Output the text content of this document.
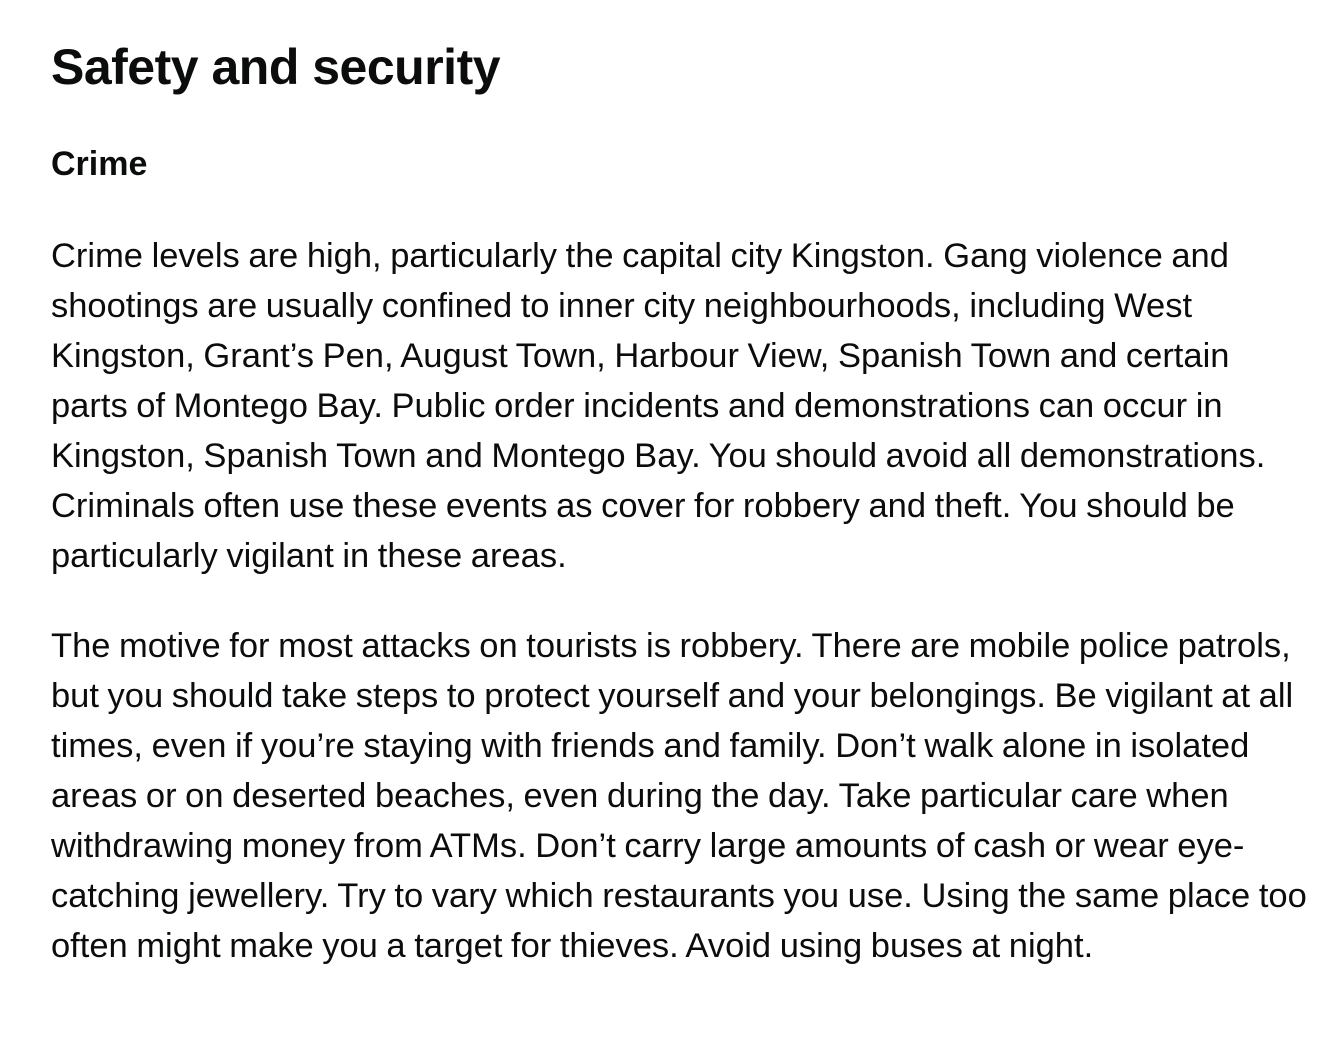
Safety and security
Crime

Crime levels are high, particularly the capital city Kingston. Gang violence and shootings are usually confined to inner city neighbourhoods, including West Kingston, Grant’s Pen, August Town, Harbour View, Spanish Town and certain parts of Montego Bay. Public order incidents and demonstrations can occur in Kingston, Spanish Town and Montego Bay. You should avoid all demonstrations. Criminals often use these events as cover for robbery and theft. You should be particularly vigilant in these areas.

The motive for most attacks on tourists is robbery. There are mobile police patrols, but you should take steps to protect yourself and your belongings. Be vigilant at all times, even if you’re staying with friends and family. Don’t walk alone in isolated areas or on deserted beaches, even during the day. Take particular care when withdrawing money from ATMs. Don’t carry large amounts of cash or wear eye-catching jewellery. Try to vary which restaurants you use. Using the same place too often might make you a target for thieves. Avoid using buses at night.
